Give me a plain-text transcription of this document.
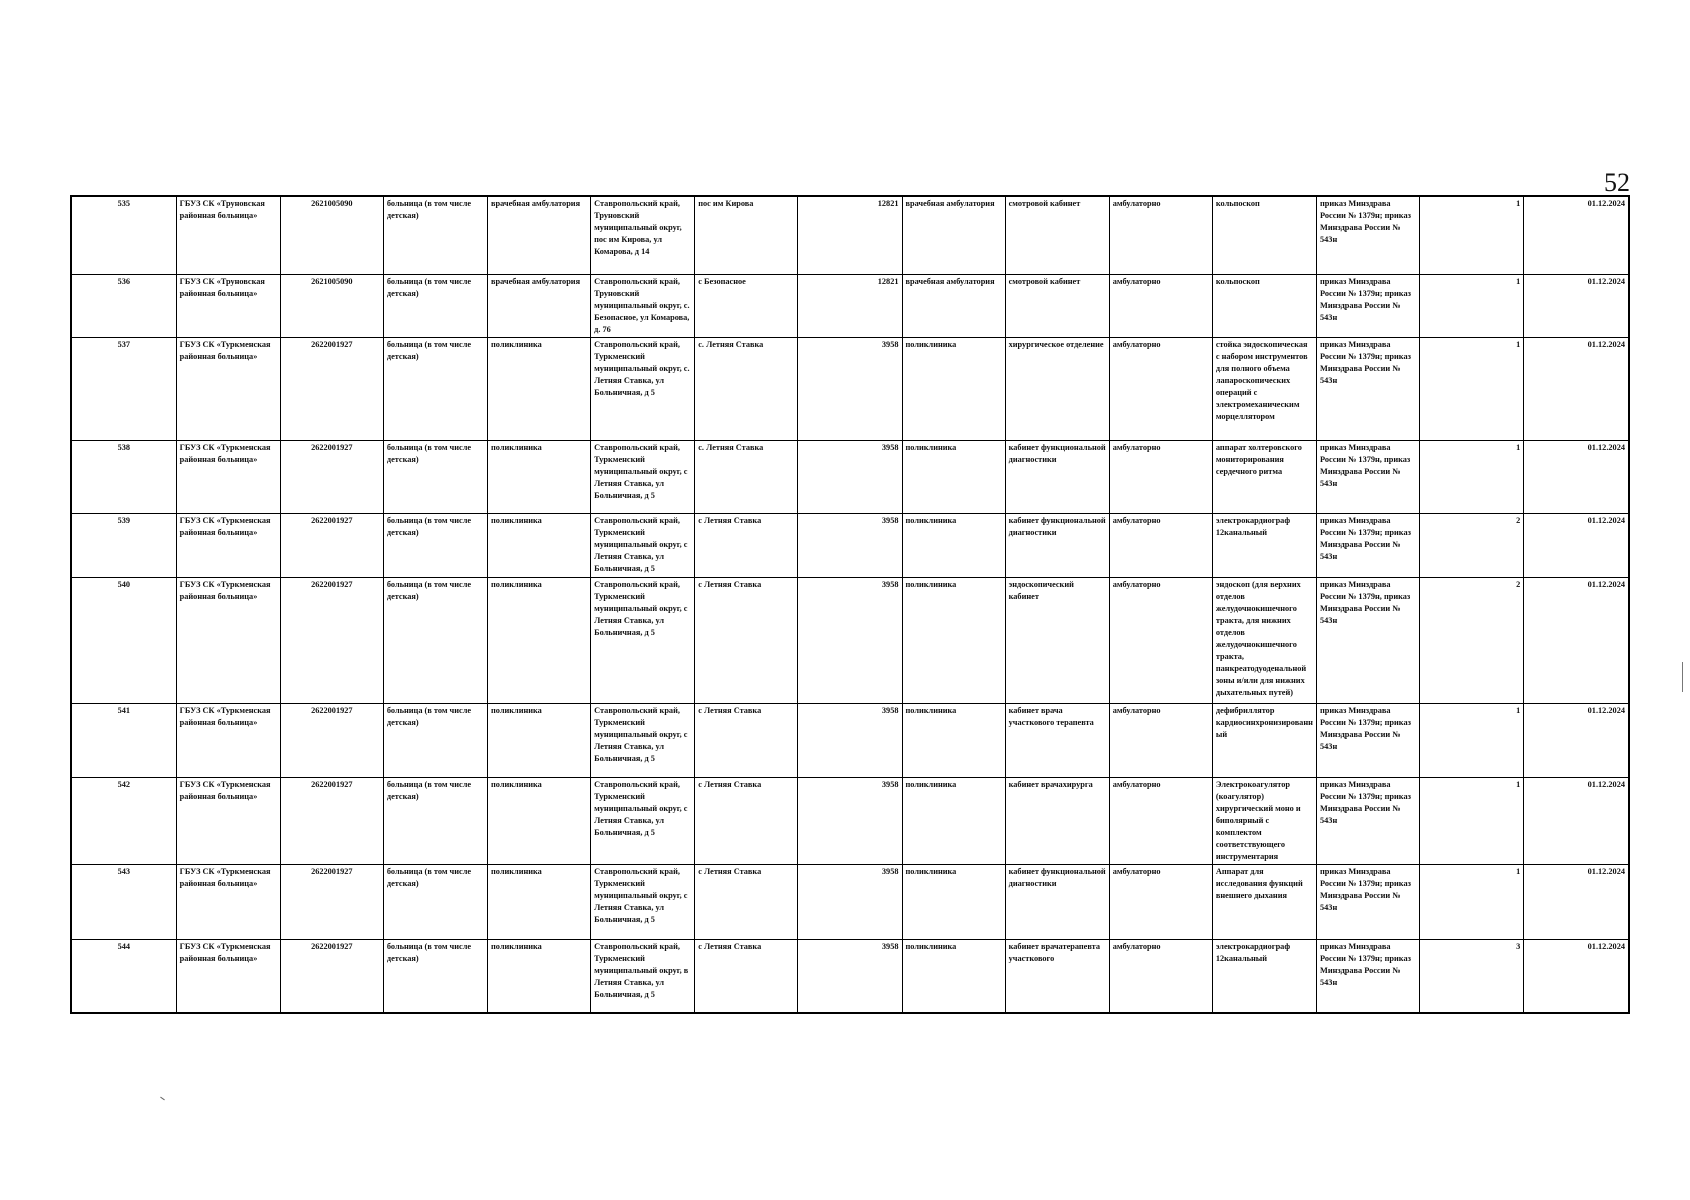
52
535	ГБУЗ СК «Труновская районная больница»	2621005090	больница (в том числе детская)	врачебная амбулатория	Ставропольский край, Труновский муниципальный округ, пос им Кирова, ул Комарова, д 14	пос им Кирова	12821	врачебная амбулатория	смотровой кабинет	амбулаторно	кольпоскоп	приказ Минздрава России № 1379н; приказ Минздрава России № 543н	1	01.12.2024
536	ГБУЗ СК «Труновская районная больница»	2621005090	больница (в том числе детская)	врачебная амбулатория	Ставропольский край, Труновский муниципальный округ, с. Безопасное, ул Комарова, д. 76	с Безопасное	12821	врачебная амбулатория	смотровой кабинет	амбулаторно	кольпоскоп	приказ Минздрава России № 1379н; приказ Минздрава России № 543н	1	01.12.2024
537	ГБУЗ СК «Туркменская районная больница»	2622001927	больница (в том числе детская)	поликлиника	Ставропольский край, Туркменский муниципальный округ, с. Летняя Ставка, ул Больничная, д 5	с. Летняя Ставка	3958	поликлиника	хирургическое отделение	амбулаторно	стойка эндоскопическая с набором инструментов для полного объема лапароскопических операций с электромеханическим морцеллятором	приказ Минздрава России № 1379н; приказ Минздрава России № 543н	1	01.12.2024
538	ГБУЗ СК «Туркменская районная больница»	2622001927	больница (в том числе детская)	поликлиника	Ставропольский край, Туркменский муниципальный округ, с Летняя Ставка, ул Больничная, д 5	с. Летняя Ставка	3958	поликлиника	кабинет функциональной диагностики	амбулаторно	аппарат холтеровского мониторирования сердечного ритма	приказ Минздрава России № 1379н, приказ Минздрава России № 543н	1	01.12.2024
539	ГБУЗ СК «Туркменская районная больница»	2622001927	больница (в том числе детская)	поликлиника	Ставропольский край, Туркменский муниципальный округ, с Летняя Ставка, ул Больничная, д 5	с Летняя Ставка	3958	поликлиника	кабинет функциональной диагностики	амбулаторно	электрокардиограф 12канальный	приказ Минздрава России № 1379н; приказ Минздрава России № 543н	2	01.12.2024
540	ГБУЗ СК «Туркменская районная больница»	2622001927	больница (в том числе детская)	поликлиника	Ставропольский край, Туркменский муниципальный округ, с Летняя Ставка, ул Больничная, д 5	с Летняя Ставка	3958	поликлиника	эндоскопический кабинет	амбулаторно	эндоскоп (для верхних отделов желудочнокишечного тракта, для нижних отделов желудочнокишечного тракта, панкреатодуоденальной зоны и/или для нижних дыхательных путей)	приказ Минздрава России № 1379н, приказ Минздрава России № 543н	2	01.12.2024
541	ГБУЗ СК «Туркменская районная больница»	2622001927	больница (в том числе детская)	поликлиника	Ставропольский край, Туркменский муниципальный округ, с Летняя Ставка, ул Больничная, д 5	с Летняя Ставка	3958	поликлиника	кабинет врача участкового терапевта	амбулаторно	дефибриллятор кардиосинхронизированный	приказ Минздрава России № 1379н; приказ Минздрава России № 543н	1	01.12.2024
542	ГБУЗ СК «Туркменская районная больница»	2622001927	больница (в том числе детская)	поликлиника	Ставропольский край, Туркменский муниципальный округ, с Летняя Ставка, ул Больничная, д 5	с Летняя Ставка	3958	поликлиника	кабинет врачахирурга	амбулаторно	Электрокоагулятор (коагулятор) хирургический моно и биполярный с комплектом соответствующего инструментария	приказ Минздрава России № 1379н; приказ Минздрава России № 543н	1	01.12.2024
543	ГБУЗ СК «Туркменская районная больница»	2622001927	больница (в том числе детская)	поликлиника	Ставропольский край, Туркменский муниципальный округ, с Летняя Ставка, ул Больничная, д 5	с Летняя Ставка	3958	поликлиника	кабинет функциональной диагностики	амбулаторно	Аппарат для исследования функций внешнего дыхания	приказ Минздрава России № 1379н; приказ Минздрава России № 543н	1	01.12.2024
544	ГБУЗ СК «Туркменская районная больница»	2622001927	больница (в том числе детская)	поликлиника	Ставропольский край, Туркменский муниципальный округ, в Летняя Ставка, ул Больничная, д 5	с Летняя Ставка	3958	поликлиника	кабинет врачатерапевта участкового	амбулаторно	электрокардиограф 12канальный	приказ Минздрава России № 1379н; приказ Минздрава России № 543н	3	01.12.2024
